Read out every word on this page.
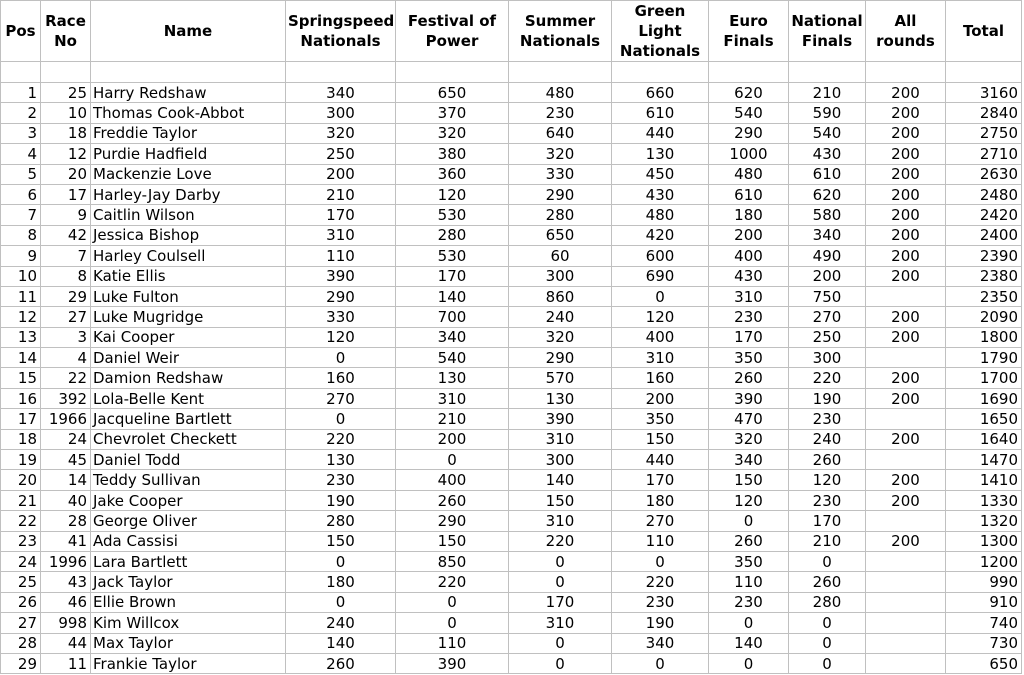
Pos	Race No	Name	Springspeed Nationals	Festival of Power	Summer Nationals	Green Light Nationals	Euro Finals	National Finals	All rounds	Total

1	25	Harry Redshaw	340	650	480	660	620	210	200	3160
2	10	Thomas Cook-Abbot	300	370	230	610	540	590	200	2840
3	18	Freddie Taylor	320	320	640	440	290	540	200	2750
4	12	Purdie Hadfield	250	380	320	130	1000	430	200	2710
5	20	Mackenzie Love	200	360	330	450	480	610	200	2630
6	17	Harley-Jay Darby	210	120	290	430	610	620	200	2480
7	9	Caitlin Wilson	170	530	280	480	180	580	200	2420
8	42	Jessica Bishop	310	280	650	420	200	340	200	2400
9	7	Harley Coulsell	110	530	60	600	400	490	200	2390
10	8	Katie Ellis	390	170	300	690	430	200	200	2380
11	29	Luke Fulton	290	140	860	0	310	750		2350
12	27	Luke Mugridge	330	700	240	120	230	270	200	2090
13	3	Kai Cooper	120	340	320	400	170	250	200	1800
14	4	Daniel Weir	0	540	290	310	350	300		1790
15	22	Damion Redshaw	160	130	570	160	260	220	200	1700
16	392	Lola-Belle Kent	270	310	130	200	390	190	200	1690
17	1966	Jacqueline Bartlett	0	210	390	350	470	230		1650
18	24	Chevrolet Checkett	220	200	310	150	320	240	200	1640
19	45	Daniel Todd	130	0	300	440	340	260		1470
20	14	Teddy Sullivan	230	400	140	170	150	120	200	1410
21	40	Jake Cooper	190	260	150	180	120	230	200	1330
22	28	George Oliver	280	290	310	270	0	170		1320
23	41	Ada Cassisi	150	150	220	110	260	210	200	1300
24	1996	Lara Bartlett	0	850	0	0	350	0		1200
25	43	Jack Taylor	180	220	0	220	110	260		990
26	46	Ellie Brown	0	0	170	230	230	280		910
27	998	Kim Willcox	240	0	310	190	0	0		740
28	44	Max Taylor	140	110	0	340	140	0		730
29	11	Frankie Taylor	260	390	0	0	0	0		650
